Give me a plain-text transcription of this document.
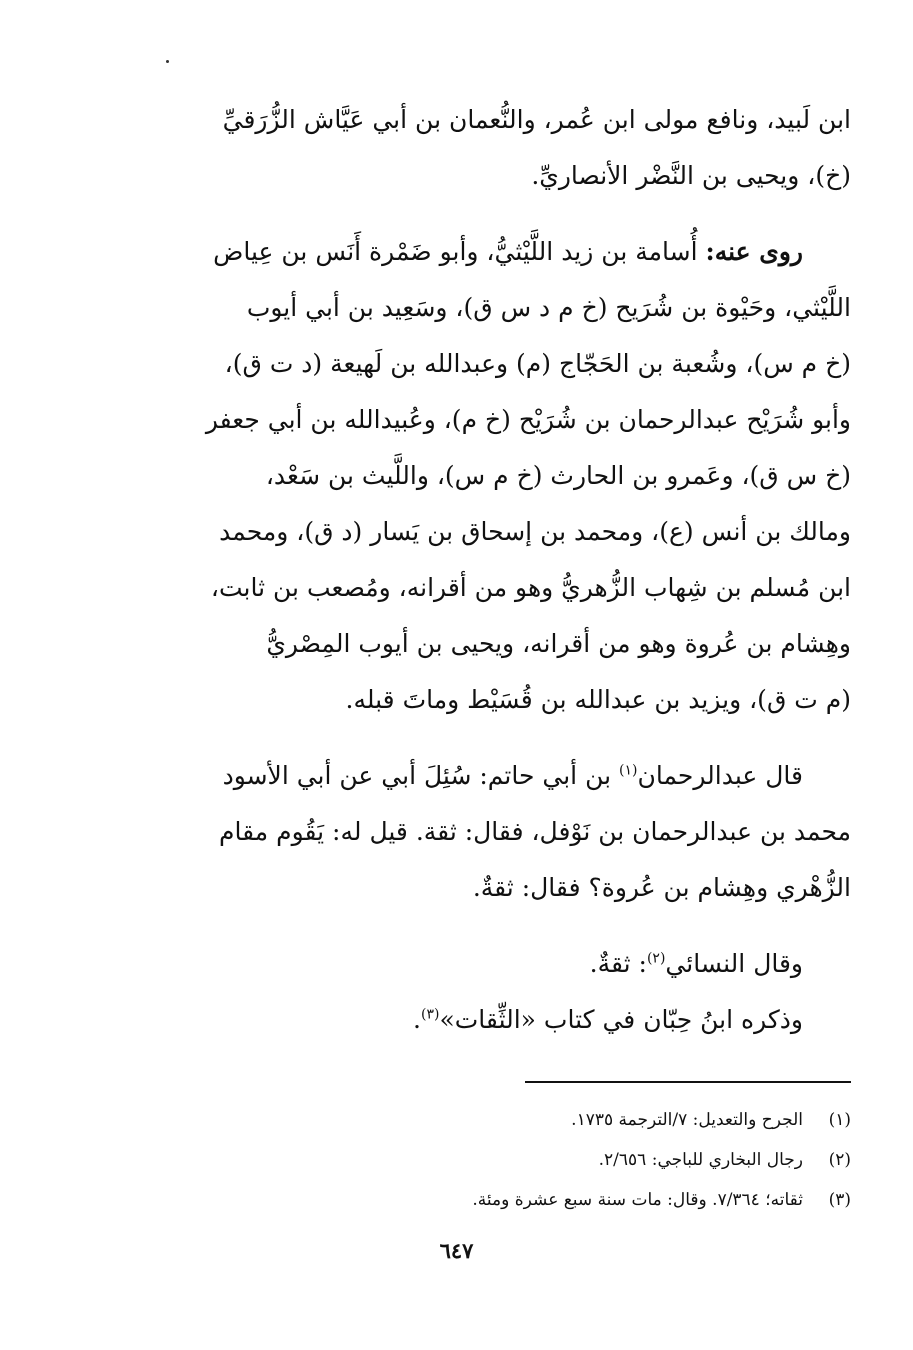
ابن لَبيد، ونافع مولى ابن عُمر، والنُّعمان بن أبي عَيَّاش الزُّرَقيِّ
(خ)، ويحيى بن النَّضْر الأنصاريِّ.
روى عنه: أُسامة بن زيد اللَّيْثيُّ، وأبو ضَمْرة أَنَس بن عِياض
اللَّيْثي، وحَيْوة بن شُرَيح (خ م د س ق)، وسَعِيد بن أبي أيوب
(خ م س)، وشُعبة بن الحَجّاج (م) وعبدالله بن لَهيعة (د ت ق)،
وأبو شُرَيْح عبدالرحمان بن شُرَيْح (خ م)، وعُبيدالله بن أبي جعفر
(خ س ق)، وعَمرو بن الحارث (خ م س)، واللَّيث بن سَعْد،
ومالك بن أنس (ع)، ومحمد بن إسحاق بن يَسار (د ق)، ومحمد
ابن مُسلم بن شِهاب الزُّهريُّ وهو من أقرانه، ومُصعب بن ثابت،
وهِشام بن عُروة وهو من أقرانه، ويحيى بن أيوب المِصْريُّ
(م ت ق)، ويزيد بن عبدالله بن قُسَيْط وماتَ قبله.
قال عبدالرحمان$^{(١)}$ بن أبي حاتم: سُئِلَ أبي عن أبي الأسود
محمد بن عبدالرحمان بن نَوْفل، فقال: ثقة. قيل له: يَقُوم مقام
الزُّهْري وهِشام بن عُروة؟ فقال: ثقةٌ.
وقال النسائي$^{(٢)}$: ثقةٌ.
وذكره ابنُ حِبّان في كتاب «الثِّقات»$^{(٣)}$.
(١)الجرح والتعديل: ٧/الترجمة ١٧٣٥.
(٢)رجال البخاري للباجي: ٢/٦٥٦.
(٣)ثقاته؛ ٧/٣٦٤. وقال: مات سنة سبع عشرة ومئة.
٦٤٧
